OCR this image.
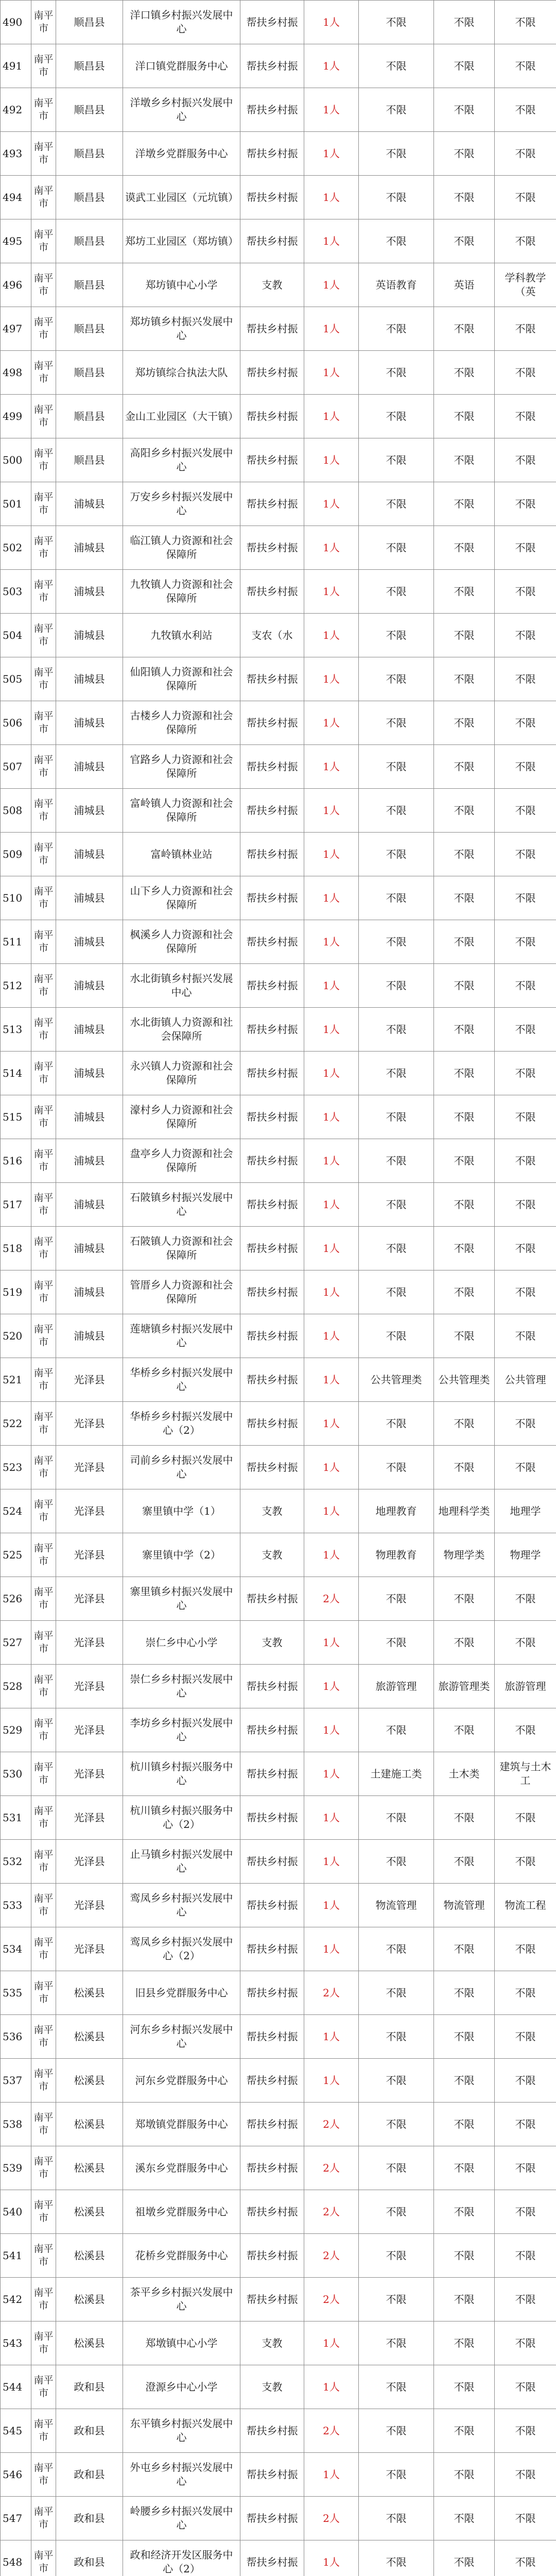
490	南平市	顺昌县	洋口镇乡村振兴发展中心	帮扶乡村振	1人	不限	不限	不限
491	南平市	顺昌县	洋口镇党群服务中心	帮扶乡村振	1人	不限	不限	不限
492	南平市	顺昌县	洋墩乡乡村振兴发展中心	帮扶乡村振	1人	不限	不限	不限
493	南平市	顺昌县	洋墩乡党群服务中心	帮扶乡村振	1人	不限	不限	不限
494	南平市	顺昌县	谟武工业园区（元坑镇）	帮扶乡村振	1人	不限	不限	不限
495	南平市	顺昌县	郑坊工业园区（郑坊镇）	帮扶乡村振	1人	不限	不限	不限
496	南平市	顺昌县	郑坊镇中心小学	支教	1人	英语教育	英语	学科教学（英
497	南平市	顺昌县	郑坊镇乡村振兴发展中心	帮扶乡村振	1人	不限	不限	不限
498	南平市	顺昌县	郑坊镇综合执法大队	帮扶乡村振	1人	不限	不限	不限
499	南平市	顺昌县	金山工业园区（大干镇）	帮扶乡村振	1人	不限	不限	不限
500	南平市	顺昌县	高阳乡乡村振兴发展中心	帮扶乡村振	1人	不限	不限	不限
501	南平市	浦城县	万安乡乡村振兴发展中心	帮扶乡村振	1人	不限	不限	不限
502	南平市	浦城县	临江镇人力资源和社会保障所	帮扶乡村振	1人	不限	不限	不限
503	南平市	浦城县	九牧镇人力资源和社会保障所	帮扶乡村振	1人	不限	不限	不限
504	南平市	浦城县	九牧镇水利站	支农（水	1人	不限	不限	不限
505	南平市	浦城县	仙阳镇人力资源和社会保障所	帮扶乡村振	1人	不限	不限	不限
506	南平市	浦城县	古楼乡人力资源和社会保障所	帮扶乡村振	1人	不限	不限	不限
507	南平市	浦城县	官路乡人力资源和社会保障所	帮扶乡村振	1人	不限	不限	不限
508	南平市	浦城县	富岭镇人力资源和社会保障所	帮扶乡村振	1人	不限	不限	不限
509	南平市	浦城县	富岭镇林业站	帮扶乡村振	1人	不限	不限	不限
510	南平市	浦城县	山下乡人力资源和社会保障所	帮扶乡村振	1人	不限	不限	不限
511	南平市	浦城县	枫溪乡人力资源和社会保障所	帮扶乡村振	1人	不限	不限	不限
512	南平市	浦城县	水北街镇乡村振兴发展中心	帮扶乡村振	1人	不限	不限	不限
513	南平市	浦城县	水北街镇人力资源和社会保障所	帮扶乡村振	1人	不限	不限	不限
514	南平市	浦城县	永兴镇人力资源和社会保障所	帮扶乡村振	1人	不限	不限	不限
515	南平市	浦城县	濠村乡人力资源和社会保障所	帮扶乡村振	1人	不限	不限	不限
516	南平市	浦城县	盘亭乡人力资源和社会保障所	帮扶乡村振	1人	不限	不限	不限
517	南平市	浦城县	石陂镇乡村振兴发展中心	帮扶乡村振	1人	不限	不限	不限
518	南平市	浦城县	石陂镇人力资源和社会保障所	帮扶乡村振	1人	不限	不限	不限
519	南平市	浦城县	管厝乡人力资源和社会保障所	帮扶乡村振	1人	不限	不限	不限
520	南平市	浦城县	莲塘镇乡村振兴发展中心	帮扶乡村振	1人	不限	不限	不限
521	南平市	光泽县	华桥乡乡村振兴发展中心	帮扶乡村振	1人	公共管理类	公共管理类	公共管理
522	南平市	光泽县	华桥乡乡村振兴发展中心（2）	帮扶乡村振	1人	不限	不限	不限
523	南平市	光泽县	司前乡乡村振兴发展中心	帮扶乡村振	1人	不限	不限	不限
524	南平市	光泽县	寨里镇中学（1）	支教	1人	地理教育	地理科学类	地理学
525	南平市	光泽县	寨里镇中学（2）	支教	1人	物理教育	物理学类	物理学
526	南平市	光泽县	寨里镇乡村振兴发展中心	帮扶乡村振	2人	不限	不限	不限
527	南平市	光泽县	崇仁乡中心小学	支教	1人	不限	不限	不限
528	南平市	光泽县	崇仁乡乡村振兴发展中心	帮扶乡村振	1人	旅游管理	旅游管理类	旅游管理
529	南平市	光泽县	李坊乡乡村振兴发展中心	帮扶乡村振	1人	不限	不限	不限
530	南平市	光泽县	杭川镇乡村振兴服务中心	帮扶乡村振	1人	土建施工类	土木类	建筑与土木工
531	南平市	光泽县	杭川镇乡村振兴服务中心（2）	帮扶乡村振	1人	不限	不限	不限
532	南平市	光泽县	止马镇乡村振兴发展中心	帮扶乡村振	1人	不限	不限	不限
533	南平市	光泽县	鸾凤乡乡村振兴发展中心	帮扶乡村振	1人	物流管理	物流管理	物流工程
534	南平市	光泽县	鸾凤乡乡村振兴发展中心（2）	帮扶乡村振	1人	不限	不限	不限
535	南平市	松溪县	旧县乡党群服务中心	帮扶乡村振	2人	不限	不限	不限
536	南平市	松溪县	河东乡乡村振兴发展中心	帮扶乡村振	1人	不限	不限	不限
537	南平市	松溪县	河东乡党群服务中心	帮扶乡村振	1人	不限	不限	不限
538	南平市	松溪县	郑墩镇党群服务中心	帮扶乡村振	2人	不限	不限	不限
539	南平市	松溪县	溪东乡党群服务中心	帮扶乡村振	2人	不限	不限	不限
540	南平市	松溪县	祖墩乡党群服务中心	帮扶乡村振	2人	不限	不限	不限
541	南平市	松溪县	花桥乡党群服务中心	帮扶乡村振	2人	不限	不限	不限
542	南平市	松溪县	茶平乡乡村振兴发展中心	帮扶乡村振	2人	不限	不限	不限
543	南平市	松溪县	郑墩镇中心小学	支教	1人	不限	不限	不限
544	南平市	政和县	澄源乡中心小学	支教	1人	不限	不限	不限
545	南平市	政和县	东平镇乡村振兴发展中心	帮扶乡村振	2人	不限	不限	不限
546	南平市	政和县	外屯乡乡村振兴发展中心	帮扶乡村振	1人	不限	不限	不限
547	南平市	政和县	岭腰乡乡村振兴发展中心	帮扶乡村振	2人	不限	不限	不限
548	南平市	政和县	政和经济开发区服务中心（2）	帮扶乡村振	1人	不限	不限	不限
